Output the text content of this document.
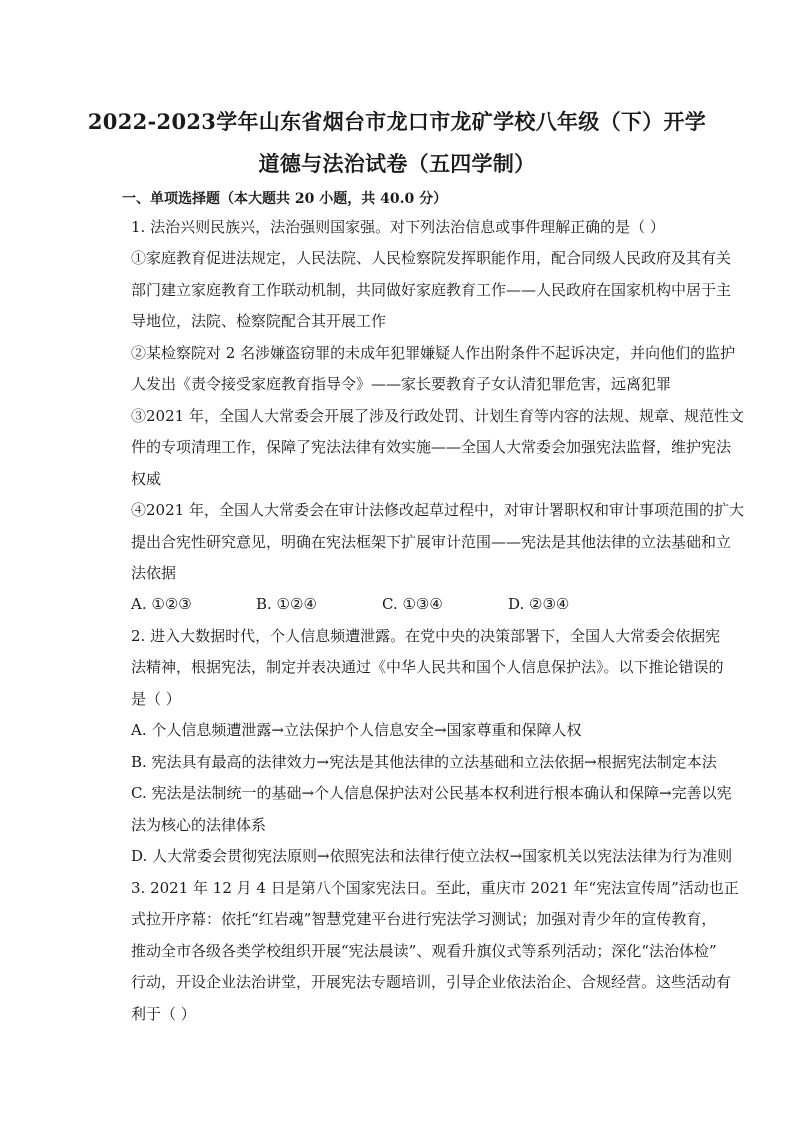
2022-2023学年山东省烟台市龙口市龙矿学校八年级（下）开学
道德与法治试卷（五四学制）
一、单项选择题（本大题共 20 小题，共 40.0 分）
1. 法治兴则民族兴，法治强则国家强。对下列法治信息或事件理解正确的是（ ）
①家庭教育促进法规定，人民法院、人民检察院发挥职能作用，配合同级人民政府及其有关
部门建立家庭教育工作联动机制，共同做好家庭教育工作——人民政府在国家机构中居于主
导地位，法院、检察院配合其开展工作
②某检察院对 2 名涉嫌盗窃罪的未成年犯罪嫌疑人作出附条件不起诉决定，并向他们的监护
人发出《责令接受家庭教育指导令》——家长要教育子女认清犯罪危害，远离犯罪
③2021 年，全国人大常委会开展了涉及行政处罚、计划生育等内容的法规、规章、规范性文
件的专项清理工作，保障了宪法法律有效实施——全国人大常委会加强宪法监督，维护宪法
权威
④2021 年，全国人大常委会在审计法修改起草过程中，对审计署职权和审计事项范围的扩大
提出合宪性研究意见，明确在宪法框架下扩展审计范围——宪法是其他法律的立法基础和立
法依据
A. ①②③	B. ①②④	C. ①③④	D. ②③④
2. 进入大数据时代，个人信息频遭泄露。在党中央的决策部署下，全国人大常委会依据宪
法精神，根据宪法，制定并表决通过《中华人民共和国个人信息保护法》。以下推论错误的
是（ ）
A. 个人信息频遭泄露→立法保护个人信息安全→国家尊重和保障人权
B. 宪法具有最高的法律效力→宪法是其他法律的立法基础和立法依据→根据宪法制定本法
C. 宪法是法制统一的基础→个人信息保护法对公民基本权利进行根本确认和保障→完善以宪
法为核心的法律体系
D. 人大常委会贯彻宪法原则→依照宪法和法律行使立法权→国家机关以宪法法律为行为准则
3. 2021 年 12 月 4 日是第八个国家宪法日。至此，重庆市 2021 年“宪法宣传周”活动也正
式拉开序幕：依托“红岩魂”智慧党建平台进行宪法学习测试；加强对青少年的宣传教育，
推动全市各级各类学校组织开展“宪法晨读”、观看升旗仪式等系列活动；深化“法治体检”
行动，开设企业法治讲堂，开展宪法专题培训，引导企业依法治企、合规经营。这些活动有
利于（ ）
